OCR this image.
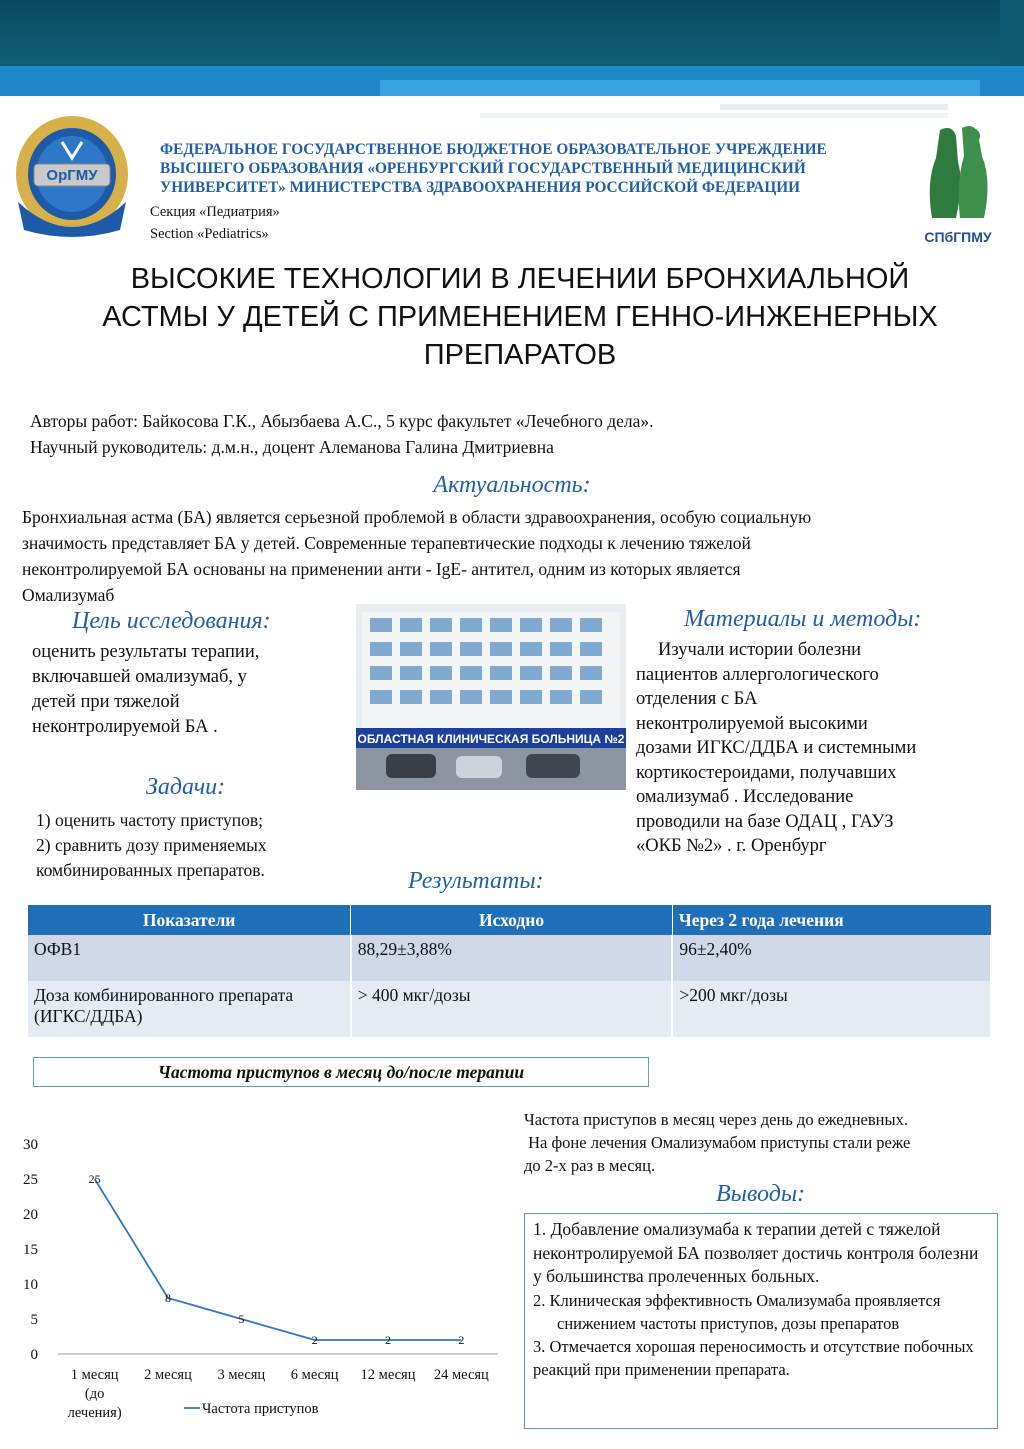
ОрГМУ
ФЕДЕРАЛЬНОЕ ГОСУДАРСТВЕННОЕ БЮДЖЕТНОЕ ОБРАЗОВАТЕЛЬНОЕ УЧРЕЖДЕНИЕ
ВЫСШЕГО ОБРАЗОВАНИЯ «ОРЕНБУРГСКИЙ ГОСУДАРСТВЕННЫЙ МЕДИЦИНСКИЙ
УНИВЕРСИТЕТ» МИНИСТЕРСТВА ЗДРАВООХРАНЕНИЯ РОССИЙСКОЙ ФЕДЕРАЦИИ
Секция «Педиатрия»
Section «Pediatrics»	СПбГПМУ
ВЫСОКИЕ ТЕХНОЛОГИИ В ЛЕЧЕНИИ БРОНХИАЛЬНОЙ
АСТМЫ У ДЕТЕЙ С ПРИМЕНЕНИЕМ ГЕННО-ИНЖЕНЕРНЫХ
ПРЕПАРАТОВ
Авторы работ: Байкосова Г.К., Абызбаева А.С., 5 курс факультет «Лечебного дела».
Научный руководитель: д.м.н., доцент Алеманова Галина Дмитриевна
Актуальность:
Бронхиальная астма (БА) является серьезной проблемой в области здравоохранения, особую социальную
значимость представляет БА у детей. Современные терапевтические подходы к лечению тяжелой
неконтролируемой БА основаны на применении анти - IgE- антител, одним из которых является
Омализумаб
Цель исследования:
оценить результаты терапии,
включавшей омализумаб, у
детей при тяжелой
неконтролируемой БА .
Задачи:
1) оценить частоту приступов;
2) сравнить дозу применяемых
комбинированных препаратов.
ОБЛАСТНАЯ КЛИНИЧЕСКАЯ БОЛЬНИЦА №2
Материалы и методы:
Изучали истории болезни
пациентов аллергологического
отделения с БА
неконтролируемой высокими
дозами ИГКС/ДДБА и системными
кортикостероидами, получавших
омализумаб . Исследование
проводили на базе ОДАЦ , ГАУЗ
«ОКБ №2» . г. Оренбург
Результаты:
Показатели	Исходно	Через 2 года лечения
ОФВ1	88,29±3,88%	96±2,40%
Доза комбинированного препарата (ИГКС/ДДБА)	> 400 мкг/дозы	>200 мкг/дозы
Частота приступов в месяц до/после терапии
0
5
10
15
20
25
30
25
8
5
2	2	2
1 месяц
(до
лечения)
2 месяц 3 месяц 6 месяц 12 месяц 24 месяц
Частота приступов
Частота приступов в месяц через день до ежедневных.
На фоне лечения Омализумабом приступы стали реже
до 2-х раз в месяц.
Выводы:
1. Добавление омализумаба к терапии детей с тяжелой неконтролируемой БА позволяет достичь контроля болезни у большинства пролеченных больных.
2. Клиническая эффективность Омализумаба проявляется снижением частоты приступов, дозы препаратов
3. Отмечается хорошая переносимость и отсутствие побочных реакций при применении препарата.
